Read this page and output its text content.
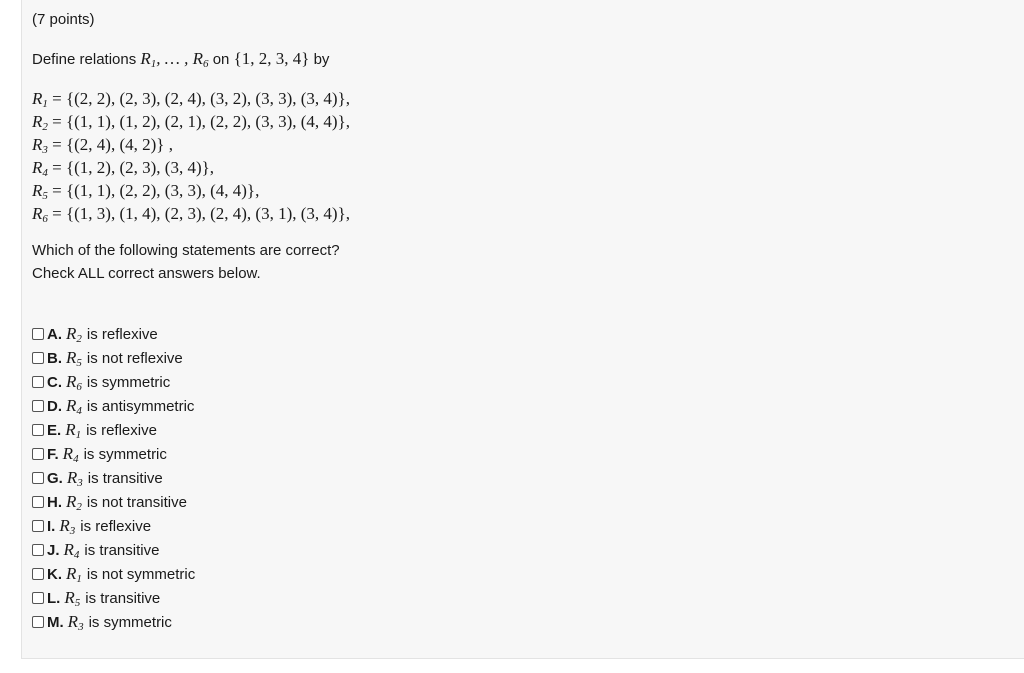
(7 points)
Define relations $R_1$, … , $R_6$ on {1, 2, 3, 4} by
$R_1 = \{(2$, 2), (2, 3), (2, 4), (3, 2), (3, 3), (3, 4)},
$R_2 = \{(1$, 1), (1, 2), (2, 1), (2, 2), (3, 3), (4, 4)},
$R_3 = \{(2$, 4), (4, 2)} ,
$R_4 = \{(1$, 2), (2, 3), (3, 4)},
$R_5 = \{(1$, 1), (2, 2), (3, 3), (4, 4)},
$R_6 = \{(1$, 3), (1, 4), (2, 3), (2, 4), (3, 1), (3, 4)},
Which of the following statements are correct?
Check ALL correct answers below.
A. $R_2$ is reflexive
B. $R_5$ is not reflexive
C. $R_6$ is symmetric
D. $R_4$ is antisymmetric
E. $R_1$ is reflexive
F. $R_4$ is symmetric
G. $R_3$ is transitive
H. $R_2$ is not transitive
I. $R_3$ is reflexive
J. $R_4$ is transitive
K. $R_1$ is not symmetric
L. $R_5$ is transitive
M. $R_3$ is symmetric
